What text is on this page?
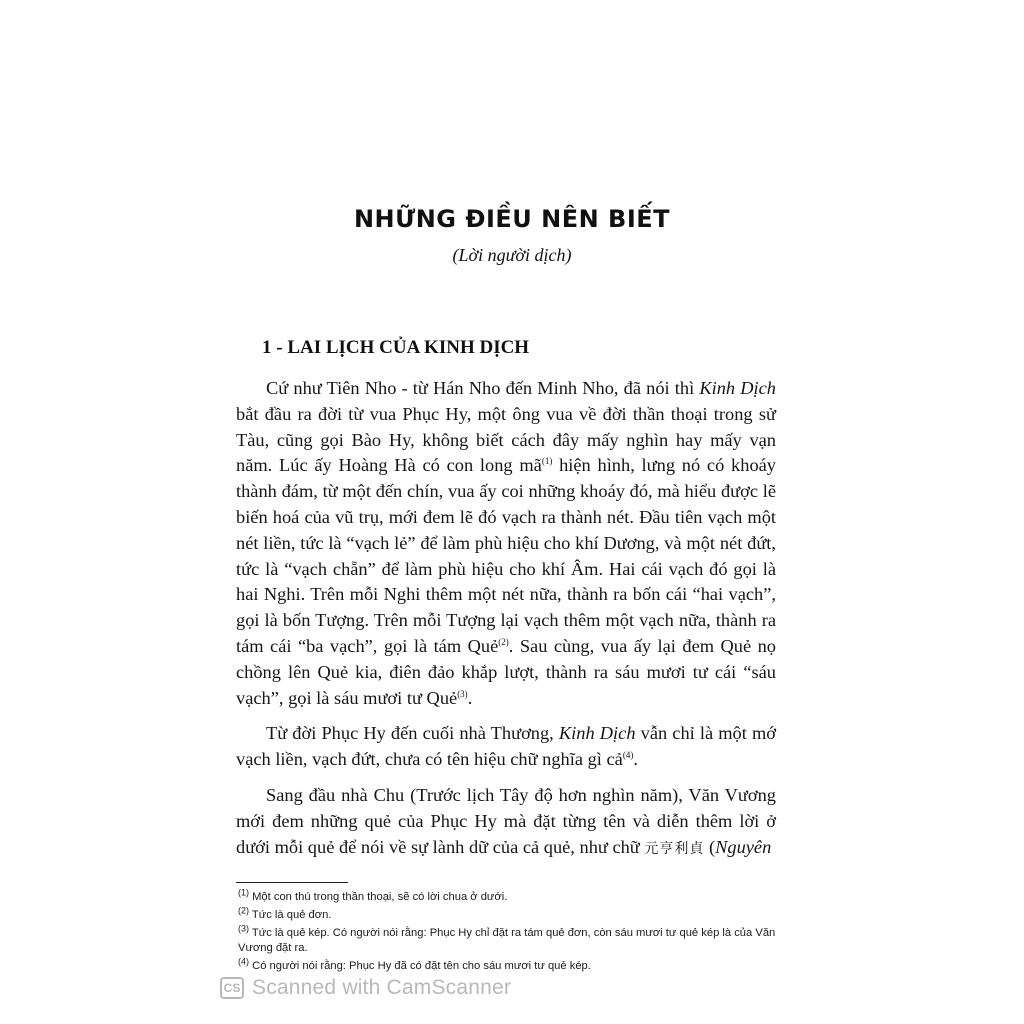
NHỮNG ĐIỀU NÊN BIẾT
(Lời người dịch)
1 - LAI LỊCH CỦA KINH DỊCH

Cứ như Tiên Nho - từ Hán Nho đến Minh Nho, đã nói thì Kinh Dịch bắt đầu ra đời từ vua Phục Hy, một ông vua về đời thần thoại trong sử Tàu, cũng gọi Bào Hy, không biết cách đây mấy nghìn hay mấy vạn năm. Lúc ấy Hoàng Hà có con long $mã^{(1)}$ hiện hình, lưng nó có khoáy thành đám, từ một đến chín, vua ấy coi những khoáy đó, mà hiểu được lẽ biến hoá của vũ trụ, mới đem lẽ đó vạch ra thành nét. Đầu tiên vạch một nét liền, tức là “vạch lẻ” để làm phù hiệu cho khí Dương, và một nét đứt, tức là “vạch chẵn” để làm phù hiệu cho khí Âm. Hai cái vạch đó gọi là hai Nghi. Trên mỗi Nghi thêm một nét nữa, thành ra bốn cái “hai vạch”, gọi là bốn Tượng. Trên mỗi Tượng lại vạch thêm một vạch nữa, thành ra tám cái “ba vạch”, gọi là tám Quẻ$^{(2)}$. Sau cùng, vua ấy lại đem Quẻ nọ chồng lên Quẻ kia, điên đảo khắp lượt, thành ra sáu mươi tư cái “sáu vạch”, gọi là sáu mươi tư Quẻ$^{(3)}$.

Từ đời Phục Hy đến cuối nhà Thương, Kinh Dịch vẫn chỉ là một mớ vạch liền, vạch đứt, chưa có tên hiệu chữ nghĩa gì cả$^{(4)}$.

Sang đầu nhà Chu (Trước lịch Tây độ hơn nghìn năm), Văn Vương mới đem những quẻ của Phục Hy mà đặt từng tên và diễn thêm lời ở dưới mỗi quẻ để nói về sự lành dữ của cả quẻ, như chữ 元亨利貞 (Nguyên

$^{(1)}$ Một con thú trong thần thoại, sẽ có lời chua ở dưới.
$^{(2)}$ Tức là quẻ đơn.
$^{(3)}$ Tức là quẻ kép. Có người nói rằng: Phục Hy chỉ đặt ra tám quẻ đơn, còn sáu mươi tư quẻ kép là của Văn Vương đặt ra.
$^{(4)}$ Có người nói rằng: Phục Hy đã có đặt tên cho sáu mươi tư quẻ kép.
CS Scanned with CamScanner
